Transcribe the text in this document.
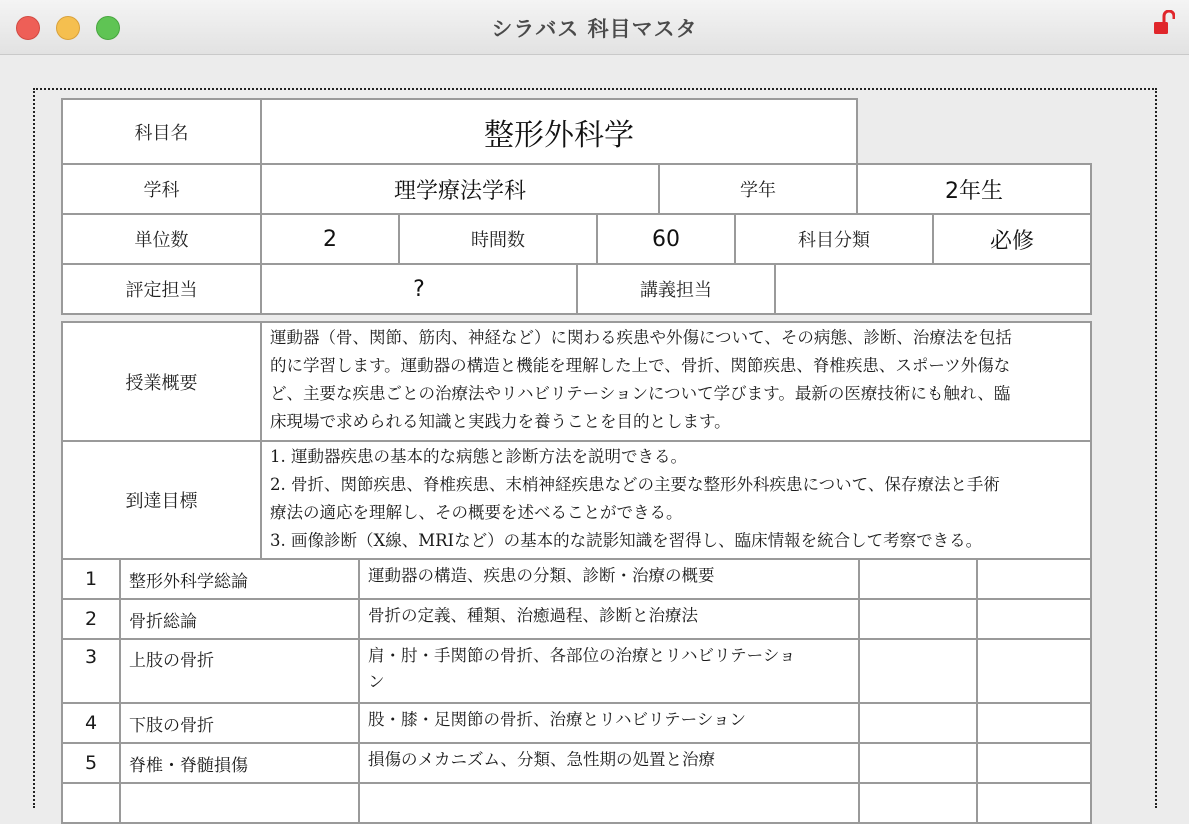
シラバス 科目マスタ
科目名	整形外科学
学科	理学療法学科	学年	2年生
単位数	2	時間数	60	科目分類	必修
評定担当	?	講義担当
授業概要
運動器（骨、関節、筋肉、神経など）に関わる疾患や外傷について、その病態、診断、治療法を包括
的に学習します。運動器の構造と機能を理解した上で、骨折、関節疾患、脊椎疾患、スポーツ外傷な
ど、主要な疾患ごとの治療法やリハビリテーションについて学びます。最新の医療技術にも触れ、臨
床現場で求められる知識と実践力を養うことを目的とします。
到達目標
1. 運動器疾患の基本的な病態と診断方法を説明できる。
2. 骨折、関節疾患、脊椎疾患、末梢神経疾患などの主要な整形外科疾患について、保存療法と手術
療法の適応を理解し、その概要を述べることができる。
3. 画像診断（X線、MRIなど）の基本的な読影知識を習得し、臨床情報を統合して考察できる。
1	整形外科学総論	運動器の構造、疾患の分類、診断・治療の概要
2	骨折総論	骨折の定義、種類、治癒過程、診断と治療法
3	上肢の骨折	肩・肘・手関節の骨折、各部位の治療とリハビリテーショ
ン
4	下肢の骨折	股・膝・足関節の骨折、治療とリハビリテーション
5	脊椎・脊髄損傷	損傷のメカニズム、分類、急性期の処置と治療
